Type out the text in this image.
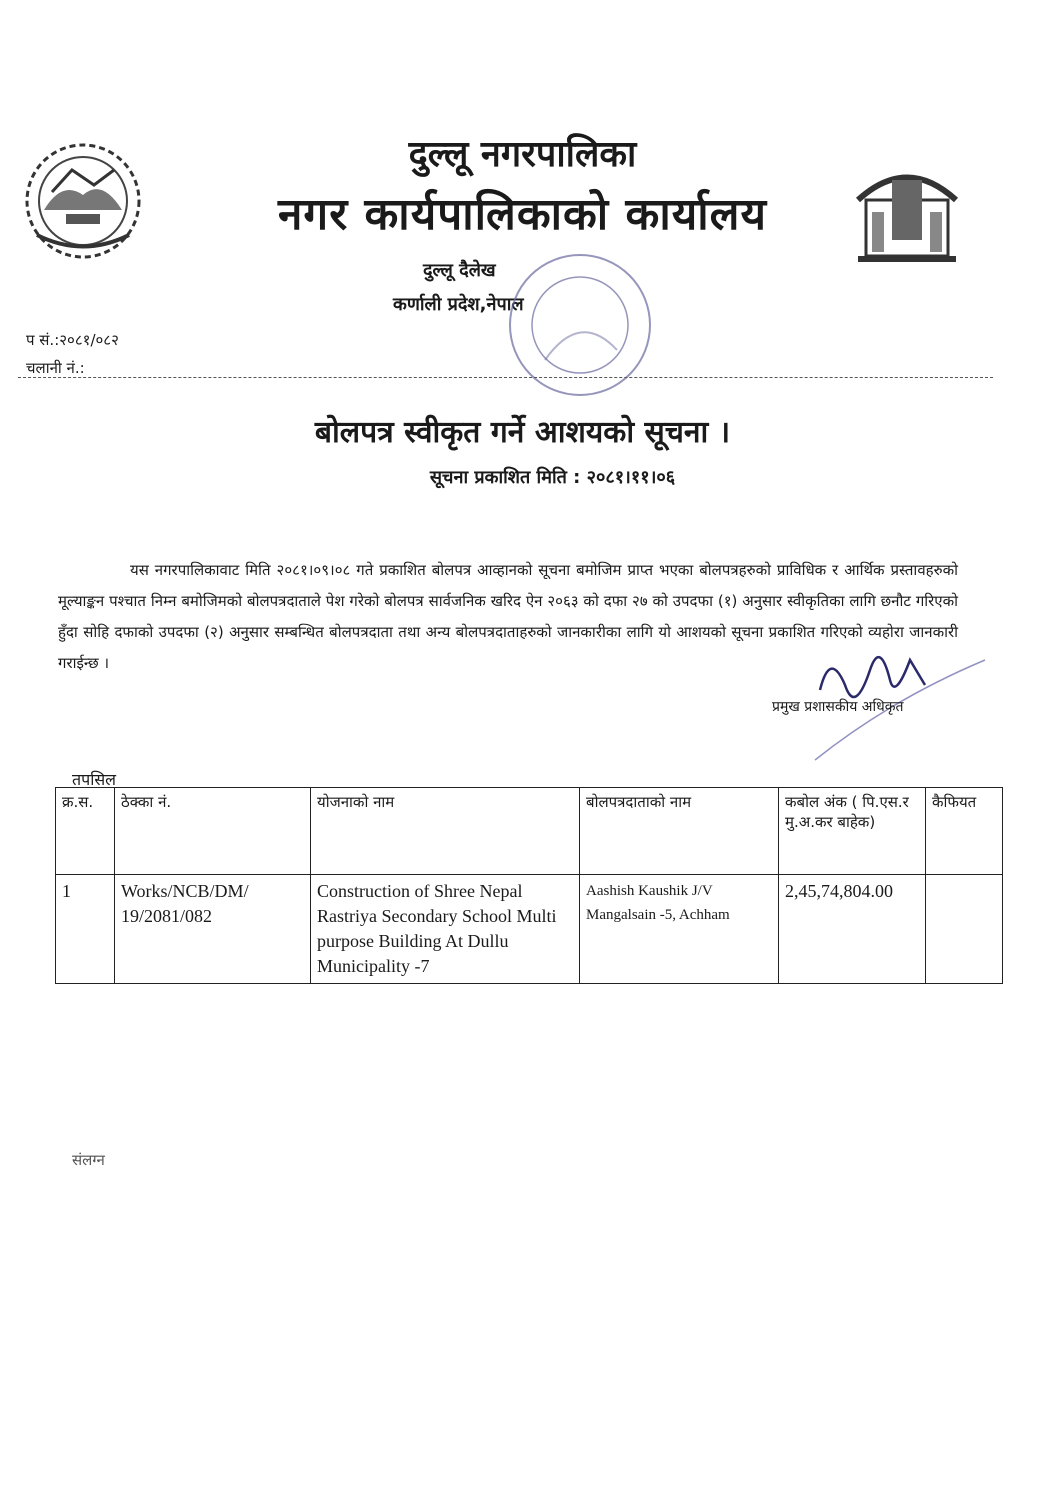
दुल्लू नगरपालिका
नगर कार्यपालिकाको कार्यालय
दुल्लू दैलेख
कर्णाली प्रदेश,नेपाल
प सं.:२०८१/०८२
चलानी नं.:
बोलपत्र स्वीकृत गर्ने आशयको सूचना ।
सूचना प्रकाशित मिति : २०८१।११।०६
यस नगरपालिकावाट मिति २०८१।०९।०८ गते प्रकाशित बोलपत्र आव्हानको सूचना बमोजिम प्राप्त भएका बोलपत्रहरुको प्राविधिक र आर्थिक प्रस्तावहरुको मूल्याङ्कन पश्चात निम्न बमोजिमको बोलपत्रदाताले पेश गरेको बोलपत्र सार्वजनिक खरिद ऐन २०६३ को दफा २७ को उपदफा (१) अनुसार स्वीकृतिका लागि छनौट गरिएको हुँदा सोहि दफाको उपदफा (२) अनुसार सम्बन्धित बोलपत्रदाता तथा अन्य बोलपत्रदाताहरुको जानकारीका लागि यो आशयको सूचना प्रकाशित गरिएको व्यहोरा जानकारी गराईन्छ ।
प्रमुख प्रशासकीय अधिकृत
तपसिल
क्र.स.	ठेक्का नं.	योजनाको नाम	बोलपत्रदाताको नाम	कबोल अंक ( पि.एस.र मु.अ.कर बाहेक)	कैफियत
1	Works/NCB/DM/ 19/2081/082	Construction of Shree Nepal Rastriya Secondary School Multi purpose Building At Dullu Municipality -7	Aashish Kaushik J/V Mangalsain -5, Achham	2,45,74,804.00	
संलग्न
